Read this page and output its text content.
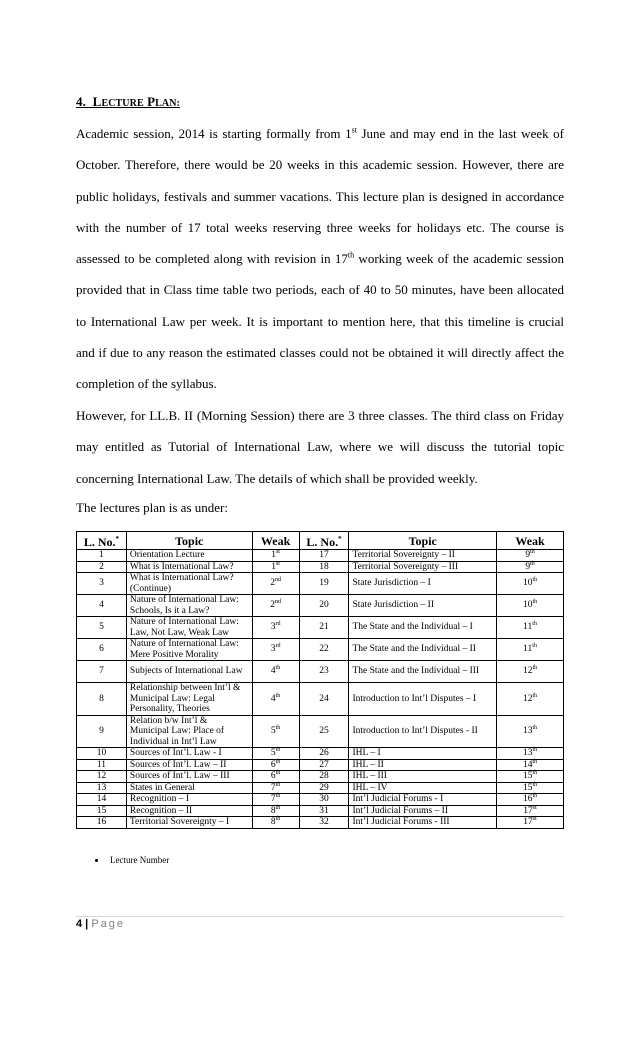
4. LECTURE PLAN:
Academic session, 2014 is starting formally from 1st June and may end in the last week of October. Therefore, there would be 20 weeks in this academic session. However, there are public holidays, festivals and summer vacations. This lecture plan is designed in accordance with the number of 17 total weeks reserving three weeks for holidays etc. The course is assessed to be completed along with revision in 17th working week of the academic session provided that in Class time table two periods, each of 40 to 50 minutes, have been allocated to International Law per week. It is important to mention here, that this timeline is crucial and if due to any reason the estimated classes could not be obtained it will directly affect the completion of the syllabus.
However, for LL.B. II (Morning Session) there are 3 three classes. The third class on Friday may entitled as Tutorial of International Law, where we will discuss the tutorial topic concerning International Law. The details of which shall be provided weekly.
The lectures plan is as under:
L. No.*	Topic	Weak	L. No.*	Topic	Weak
1	Orientation Lecture	1st	17	Territorial Sovereignty – II	9th
2	What is International Law?	1st	18	Territorial Sovereignty – III	9th
3	What is International Law? (Continue)	2nd	19	State Jurisdiction – I	10th
4	Nature of International Law: Schools, Is it a Law?	2nd	20	State Jurisdiction – II	10th
5	Nature of International Law: Law, Not Law, Weak Law	3rd	21	The State and the Individual – I	11th
6	Nature of International Law: Mere Positive Morality	3rd	22	The State and the Individual – II	11th
7	Subjects of International Law	4th	23	The State and the Individual – III	12th
8	Relationship between Int’l & Municipal Law: Legal Personality, Theories	4th	24	Introduction to Int’l Disputes – I	12th
9	Relation b/w Int’l & Municipal Law: Place of Individual in Int’l Law	5th	25	Introduction to Int’l Disputes - II	13th
10	Sources of Int’l. Law - I	5th	26	IHL – I	13th
11	Sources of Int’l. Law – II	6th	27	IHL – II	14th
12	Sources of Int’l. Law – III	6th	28	IHL – III	15th
13	States in General	7th	29	IHL – IV	15th
14	Recognition – I	7th	30	Int’l Judicial Forums - I	16th
15	Recognition – II	8th	31	Int’l Judicial Forums – II	17st
16	Territorial Sovereignty – I	8th	32	Int’l Judicial Forums - III	17st
Lecture Number
4 | Page
